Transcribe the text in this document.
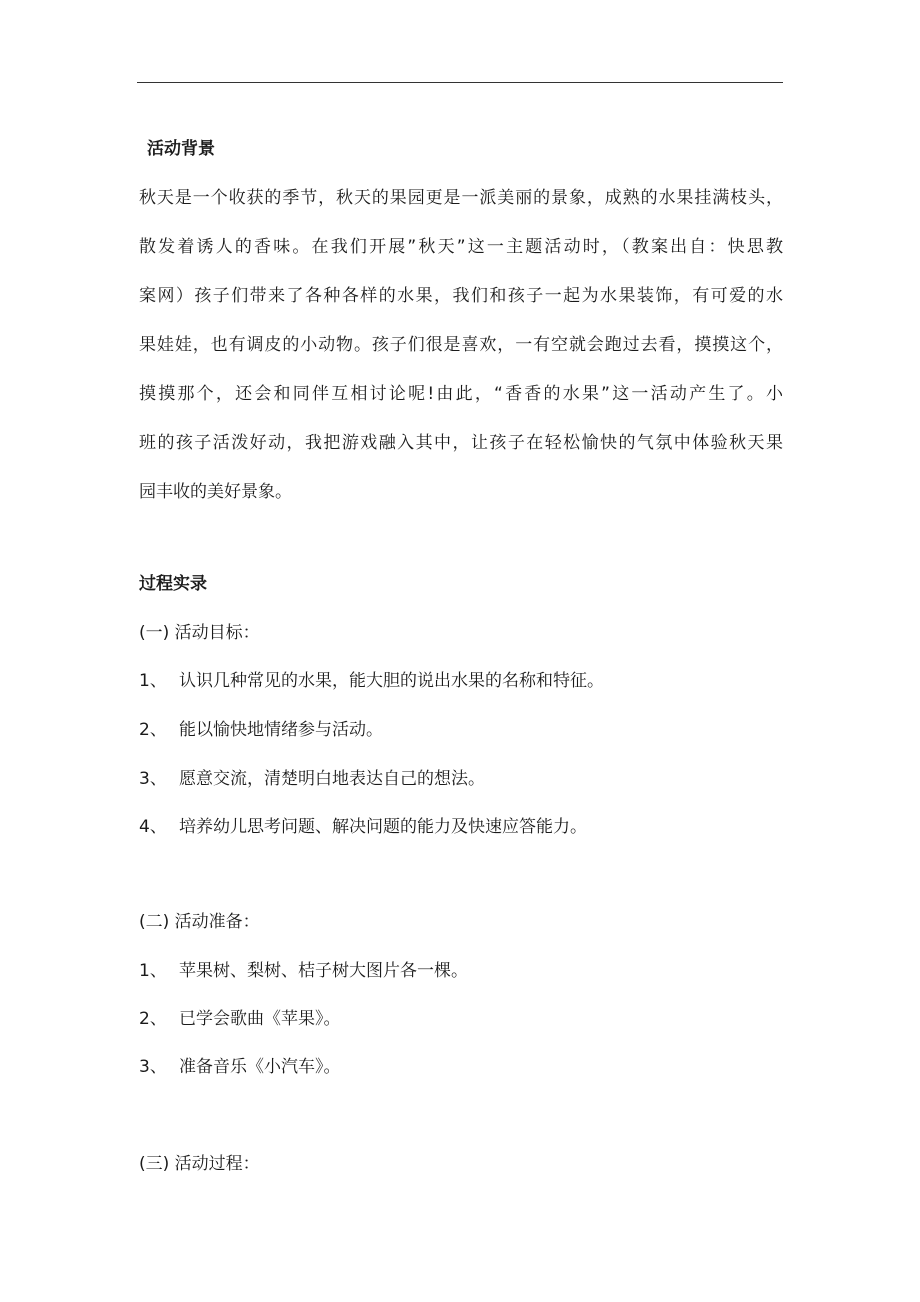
活动背景
秋天是一个收获的季节，秋天的果园更是一派美丽的景象，成熟的水果挂满枝头，
散发着诱人的香味。在我们开展”秋天”这一主题活动时，（教案出自：快思教
案网）孩子们带来了各种各样的水果，我们和孩子一起为水果装饰，有可爱的水
果娃娃，也有调皮的小动物。孩子们很是喜欢，一有空就会跑过去看，摸摸这个，
摸摸那个，还会和同伴互相讨论呢!由此，“香香的水果”这一活动产生了。小
班的孩子活泼好动，我把游戏融入其中，让孩子在轻松愉快的气氛中体验秋天果
园丰收的美好景象。
过程实录
(一) 活动目标：
1、 认识几种常见的水果，能大胆的说出水果的名称和特征。
2、 能以愉快地情绪参与活动。
3、 愿意交流，清楚明白地表达自己的想法。
4、 培养幼儿思考问题、解决问题的能力及快速应答能力。
(二) 活动准备：
1、 苹果树、梨树、桔子树大图片各一棵。
2、 已学会歌曲《苹果》。
3、 准备音乐《小汽车》。
(三) 活动过程：
